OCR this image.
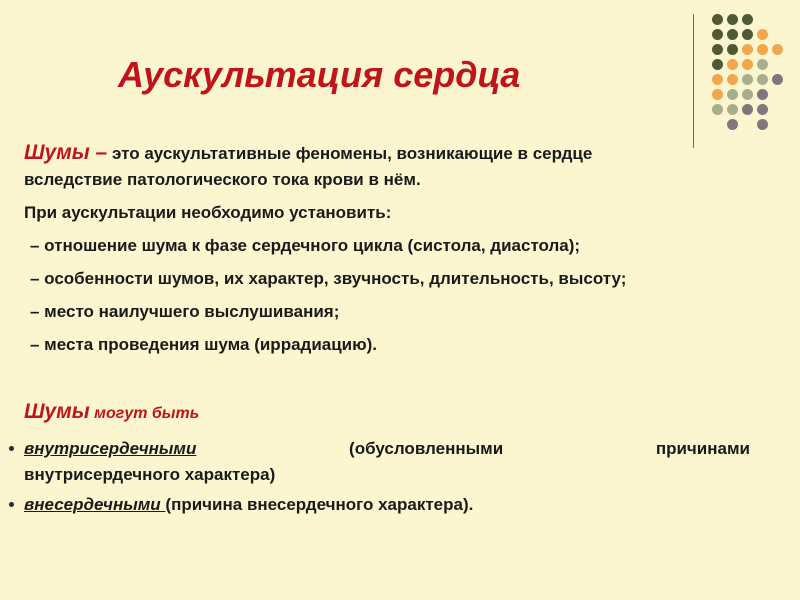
Аускультация сердца

Шумы – это аускультативные феномены, возникающие в сердце
вследствие патологического тока крови в нём.

При аускультации необходимо установить:

– отношение шума к фазе сердечного цикла (систола, диастола);

– особенности шумов, их характер, звучность, длительность, высоту;

– место наилучшего выслушивания;

– места проведения шума (иррадиацию).

Шумы могут быть
внутрисердечными	(обусловленными причинами
внутрисердечного характера)
внесердечными (причина внесердечного характера).
